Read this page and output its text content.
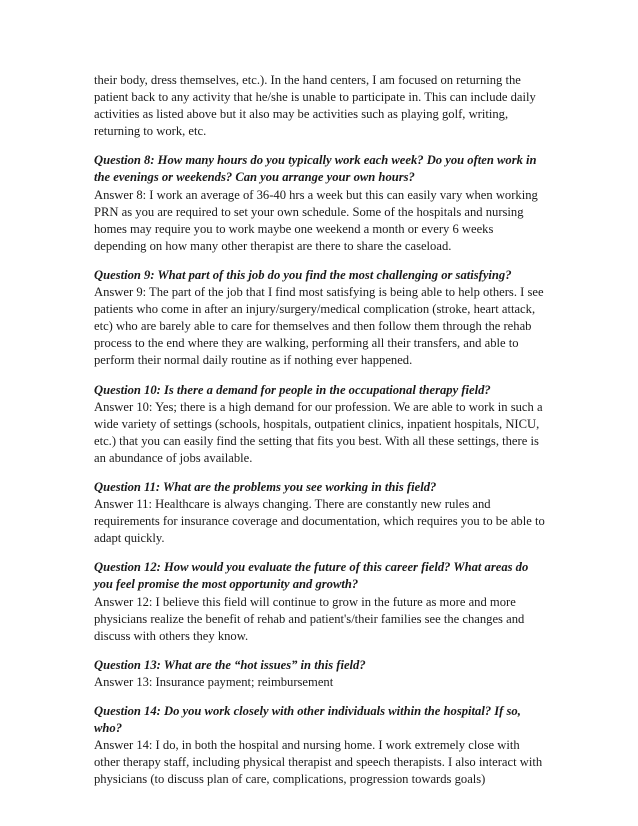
their body, dress themselves, etc.). In the hand centers, I am focused on returning the patient back to any activity that he/she is unable to participate in. This can include daily activities as listed above but it also may be activities such as playing golf, writing, returning to work, etc.

Question 8: How many hours do you typically work each week? Do you often work in the evenings or weekends? Can you arrange your own hours?
Answer 8: I work an average of 36-40 hrs a week but this can easily vary when working PRN as you are required to set your own schedule. Some of the hospitals and nursing homes may require you to work maybe one weekend a month or every 6 weeks depending on how many other therapist are there to share the caseload.
Question 9: What part of this job do you find the most challenging or satisfying?
Answer 9: The part of the job that I find most satisfying is being able to help others. I see patients who come in after an injury/surgery/medical complication (stroke, heart attack, etc) who are barely able to care for themselves and then follow them through the rehab process to the end where they are walking, performing all their transfers, and able to perform their normal daily routine as if nothing ever happened.
Question 10: Is there a demand for people in the occupational therapy field?
Answer 10: Yes; there is a high demand for our profession. We are able to work in such a wide variety of settings (schools, hospitals, outpatient clinics, inpatient hospitals, NICU, etc.) that you can easily find the setting that fits you best. With all these settings, there is an abundance of jobs available.
Question 11: What are the problems you see working in this field?
Answer 11: Healthcare is always changing. There are constantly new rules and requirements for insurance coverage and documentation, which requires you to be able to adapt quickly.
Question 12: How would you evaluate the future of this career field? What areas do you feel promise the most opportunity and growth?
Answer 12: I believe this field will continue to grow in the future as more and more physicians realize the benefit of rehab and patient's/their families see the changes and discuss with others they know.
Question 13: What are the “hot issues” in this field?
Answer 13: Insurance payment; reimbursement
Question 14: Do you work closely with other individuals within the hospital? If so, who?
Answer 14: I do, in both the hospital and nursing home. I work extremely close with other therapy staff, including physical therapist and speech therapists. I also interact with physicians (to discuss plan of care, complications, progression towards goals)
